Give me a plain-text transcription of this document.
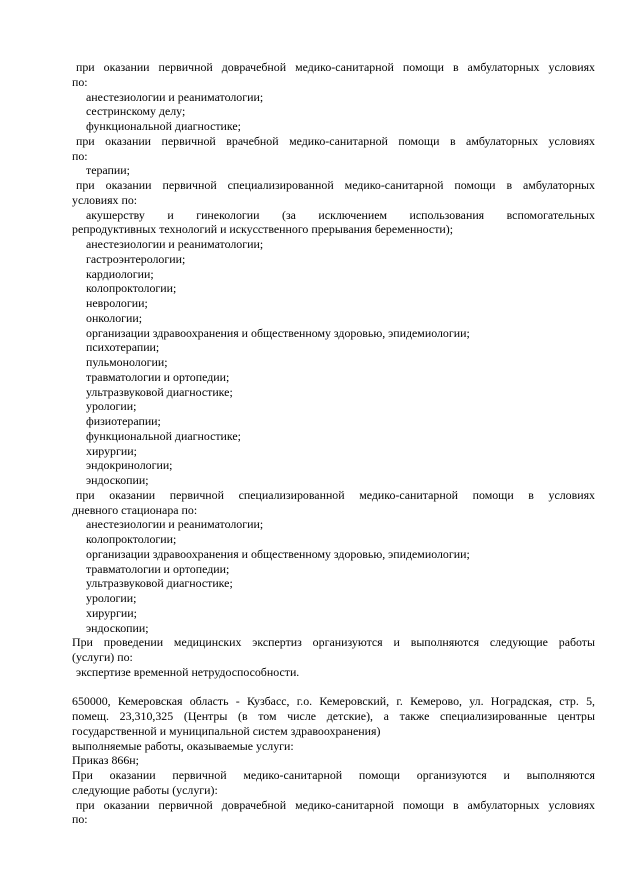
при оказании первичной доврачебной медико-санитарной помощи в амбулаторных условиях
по:
анестезиологии и реаниматологии;
сестринскому делу;
функциональной диагностике;
при оказании первичной врачебной медико-санитарной помощи в амбулаторных условиях
по:
терапии;
при оказании первичной специализированной медико-санитарной помощи в амбулаторных
условиях по:
акушерству и гинекологии (за исключением использования вспомогательных
репродуктивных технологий и искусственного прерывания беременности);
анестезиологии и реаниматологии;
гастроэнтерологии;
кардиологии;
колопроктологии;
неврологии;
онкологии;
организации здравоохранения и общественному здоровью, эпидемиологии;
психотерапии;
пульмонологии;
травматологии и ортопедии;
ультразвуковой диагностике;
урологии;
физиотерапии;
функциональной диагностике;
хирургии;
эндокринологии;
эндоскопии;
при оказании первичной специализированной медико-санитарной помощи в условиях
дневного стационара по:
анестезиологии и реаниматологии;
колопроктологии;
организации здравоохранения и общественному здоровью, эпидемиологии;
травматологии и ортопедии;
ультразвуковой диагностике;
урологии;
хирургии;
эндоскопии;
При проведении медицинских экспертиз организуются и выполняются следующие работы
(услуги) по:
экспертизе временной нетрудоспособности.
650000, Кемеровская область - Кузбасс, г.о. Кемеровский, г. Кемерово, ул. Ноградская, стр. 5,
помещ. 23,310,325 (Центры (в том числе детские), а также специализированные центры
государственной и муниципальной систем здравоохранения)
выполняемые работы, оказываемые услуги:
Приказ 866н;
При оказании первичной медико-санитарной помощи организуются и выполняются
следующие работы (услуги):
при оказании первичной доврачебной медико-санитарной помощи в амбулаторных условиях
по:
